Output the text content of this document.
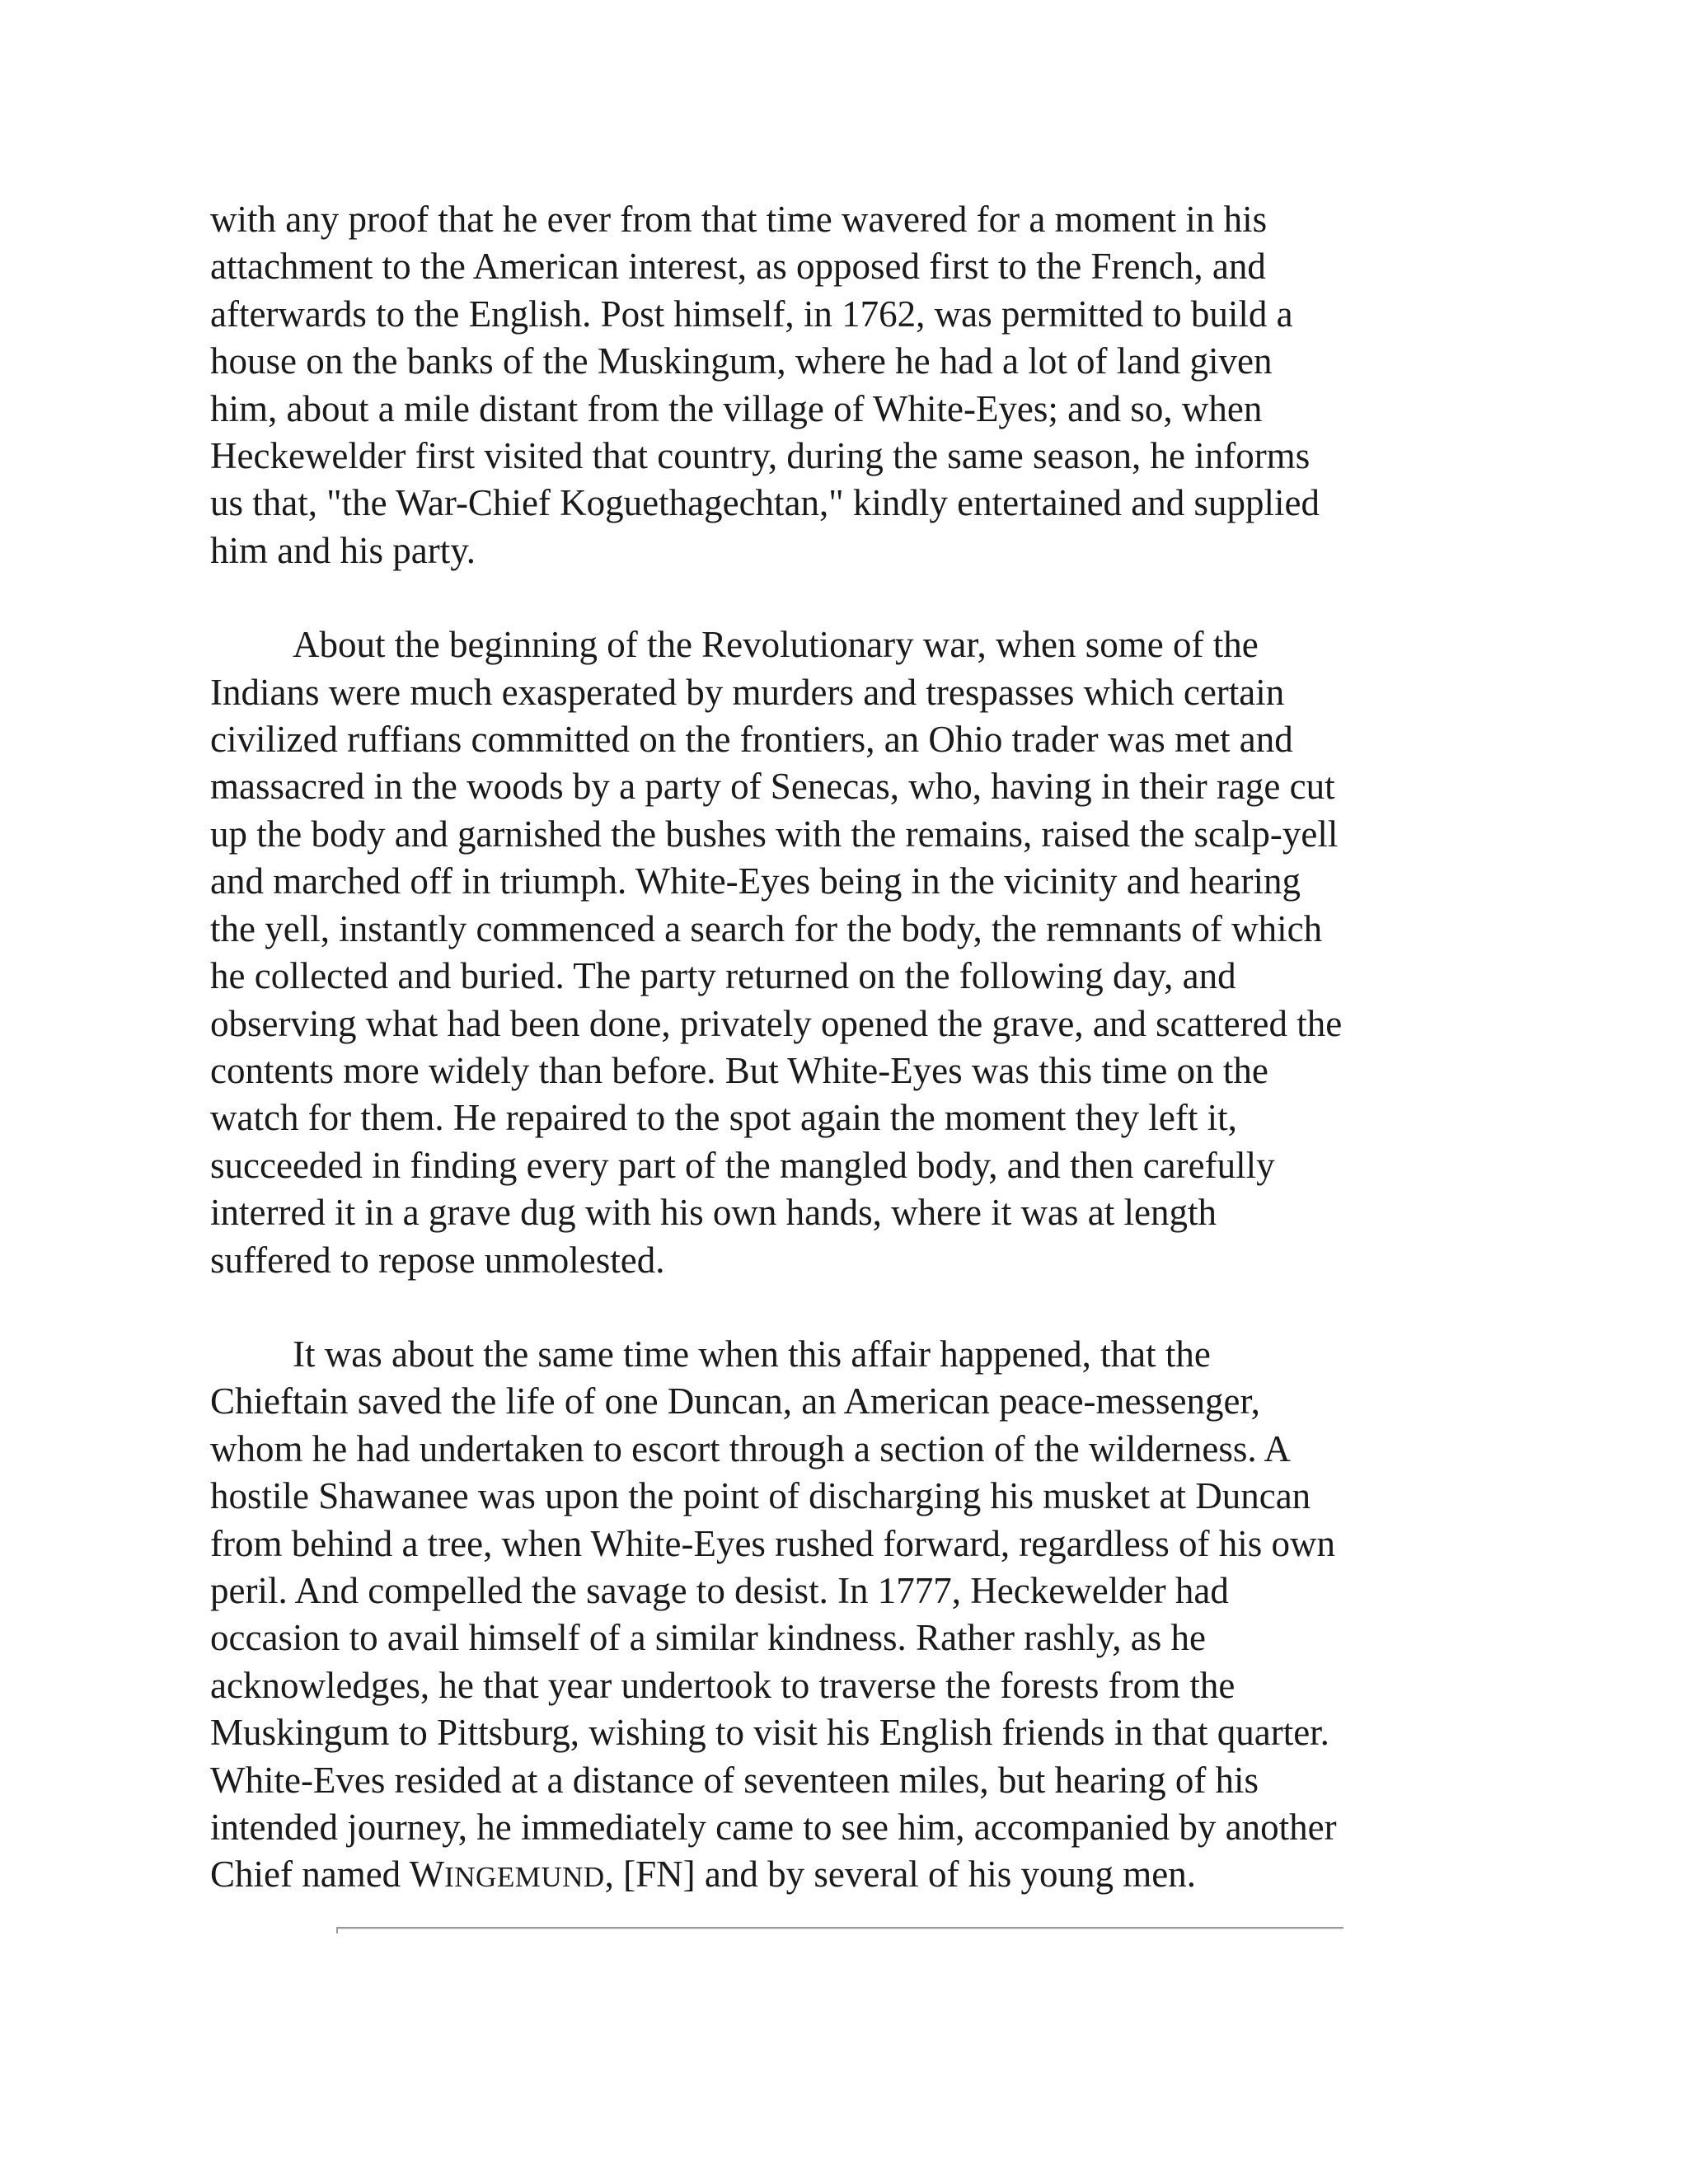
with any proof that he ever from that time wavered for a moment in his
attachment to the American interest, as opposed first to the French, and
afterwards to the English. Post himself, in 1762, was permitted to build a
house on the banks of the Muskingum, where he had a lot of land given
him, about a mile distant from the village of White-Eyes; and so, when
Heckewelder first visited that country, during the same season, he informs
us that, "the War-Chief Koguethagechtan," kindly entertained and supplied
him and his party.
About the beginning of the Revolutionary war, when some of the
Indians were much exasperated by murders and trespasses which certain
civilized ruffians committed on the frontiers, an Ohio trader was met and
massacred in the woods by a party of Senecas, who, having in their rage cut
up the body and garnished the bushes with the remains, raised the scalp-yell
and marched off in triumph. White-Eyes being in the vicinity and hearing
the yell, instantly commenced a search for the body, the remnants of which
he collected and buried. The party returned on the following day, and
observing what had been done, privately opened the grave, and scattered the
contents more widely than before. But White-Eyes was this time on the
watch for them. He repaired to the spot again the moment they left it,
succeeded in finding every part of the mangled body, and then carefully
interred it in a grave dug with his own hands, where it was at length
suffered to repose unmolested.
It was about the same time when this affair happened, that the
Chieftain saved the life of one Duncan, an American peace-messenger,
whom he had undertaken to escort through a section of the wilderness. A
hostile Shawanee was upon the point of discharging his musket at Duncan
from behind a tree, when White-Eyes rushed forward, regardless of his own
peril. And compelled the savage to desist. In 1777, Heckewelder had
occasion to avail himself of a similar kindness. Rather rashly, as he
acknowledges, he that year undertook to traverse the forests from the
Muskingum to Pittsburg, wishing to visit his English friends in that quarter.
White-Eves resided at a distance of seventeen miles, but hearing of his
intended journey, he immediately came to see him, accompanied by another
Chief named WINGEMUND, [FN] and by several of his young men.
